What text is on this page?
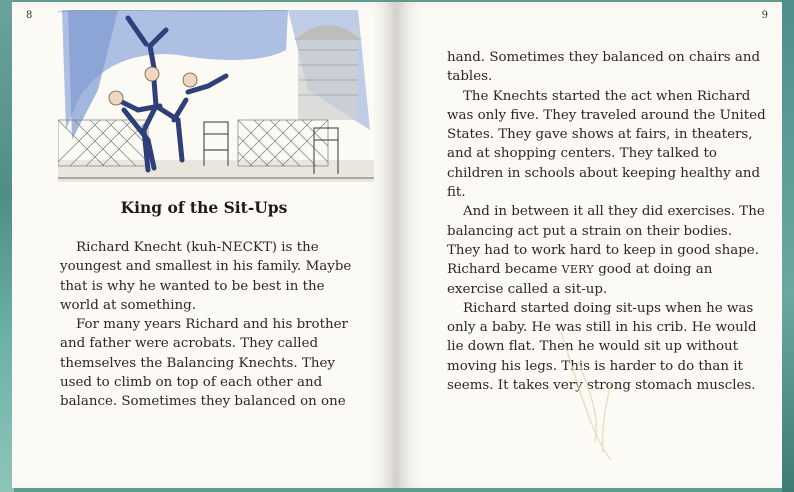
8
King of the Sit-Ups

Richard Knecht (kuh-NECKT) is the youngest and smallest in his family. Maybe that is why he wanted to be best in the world at something.

For many years Richard and his brother and father were acrobats. They called themselves the Balancing Knechts. They used to climb on top of each other and balance. Sometimes they balanced on one

9

hand. Sometimes they balanced on chairs and tables.

The Knechts started the act when Richard was only five. They traveled around the United States. They gave shows at fairs, in theaters, and at shopping centers. They talked to children in schools about keeping healthy and fit.

And in between it all they did exercises. The balancing act put a strain on their bodies. They had to work hard to keep in good shape. Richard became VERY good at doing an exercise called a sit-up.

Richard started doing sit-ups when he was only a baby. He was still in his crib. He would lie down flat. Then he would sit up without moving his legs. This is harder to do than it seems. It takes very strong stomach muscles.
